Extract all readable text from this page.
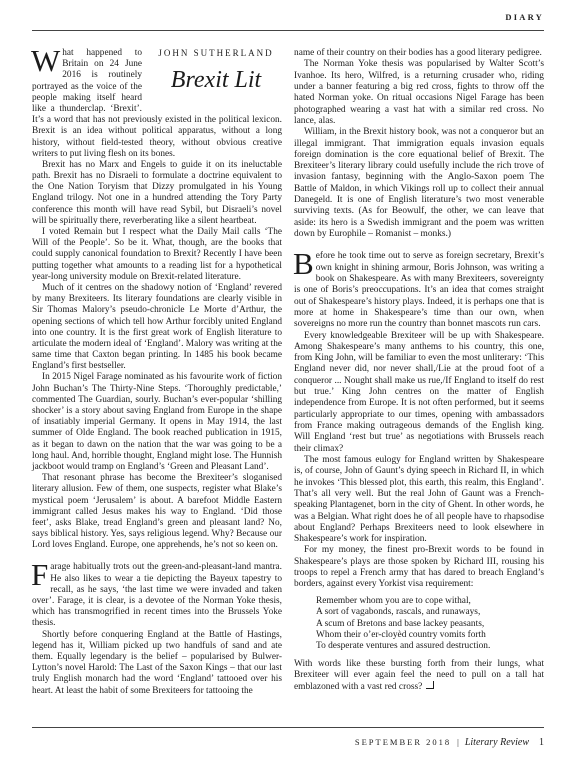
DIARY

JOHN SUTHERLAND
Brexit Lit
W hat happened to Britain on 24 June 2016 is routinely portrayed as the voice of the people making itself heard like a thunderclap. ‘Brexit’. It’s a word that has not previously existed in the political lexicon. Brexit is an idea without political apparatus, without a long history, without field-tested theory, without obvious creative writers to put living flesh on its bones.

Brexit has no Marx and Engels to guide it on its ineluctable path. Brexit has no Disraeli to formulate a doctrine equivalent to the One Nation Toryism that Dizzy promulgated in his Young England trilogy. Not one in a hundred attending the Tory Party conference this month will have read Sybil, but Disraeli’s novel will be spiritually there, reverberating like a silent heartbeat.

I voted Remain but I respect what the Daily Mail calls ‘The Will of the People’. So be it. What, though, are the books that could supply canonical foundation to Brexit? Recently I have been putting together what amounts to a reading list for a hypothetical year-long university module on Brexit-related literature.

Much of it centres on the shadowy notion of ‘England’ revered by many Brexiteers. Its literary foundations are clearly visible in Sir Thomas Malory’s pseudo-chronicle Le Morte d’Arthur, the opening sections of which tell how Arthur forcibly united England into one country. It is the first great work of English literature to articulate the modern ideal of ‘England’. Malory was writing at the same time that Caxton began printing. In 1485 his book became England’s first bestseller.

In 2015 Nigel Farage nominated as his favourite work of fiction John Buchan’s The Thirty-Nine Steps. ‘Thoroughly predictable,’ commented The Guardian, sourly. Buchan’s ever-popular ‘shilling shocker’ is a story about saving England from Europe in the shape of insatiably imperial Germany. It opens in May 1914, the last summer of Olde England. The book reached publication in 1915, as it began to dawn on the nation that the war was going to be a long haul. And, horrible thought, England might lose. The Hunnish jackboot would tramp on England’s ‘Green and Pleasant Land’.

That resonant phrase has become the Brexiteer’s sloganised literary allusion. Few of them, one suspects, register what Blake’s mystical poem ‘Jerusalem’ is about. A barefoot Middle Eastern immigrant called Jesus makes his way to England. ‘Did those feet’, asks Blake, tread England’s green and pleasant land? No, says biblical history. Yes, says religious legend. Why? Because our Lord loves England. Europe, one apprehends, he’s not so keen on.

Farage habitually trots out the green-and-pleasant-land mantra. He also likes to wear a tie depicting the Bayeux tapestry to recall, as he says, ‘the last time we were invaded and taken over’. Farage, it is clear, is a devotee of the Norman Yoke thesis, which has transmogrified in recent times into the Brussels Yoke thesis.

Shortly before conquering England at the Battle of Hastings, legend has it, William picked up two handfuls of sand and ate them. Equally legendary is the belief – popularised by Bulwer-Lytton’s novel Harold: The Last of the Saxon Kings – that our last truly English monarch had the word ‘England’ tattooed over his heart. At least the habit of some Brexiteers for tattooing the

name of their country on their bodies has a good literary pedigree.

The Norman Yoke thesis was popularised by Walter Scott’s Ivanhoe. Its hero, Wilfred, is a returning crusader who, riding under a banner featuring a big red cross, fights to throw off the hated Norman yoke. On ritual occasions Nigel Farage has been photographed wearing a vast hat with a similar red cross. No lance, alas.

William, in the Brexit history book, was not a conqueror but an illegal immigrant. That immigration equals invasion equals foreign domination is the core equational belief of Brexit. The Brexiteer’s literary library could usefully include the rich trove of invasion fantasy, beginning with the Anglo-Saxon poem The Battle of Maldon, in which Vikings roll up to collect their annual Danegeld. It is one of English literature’s two most venerable surviving texts. (As for Beowulf, the other, we can leave that aside: its hero is a Swedish immigrant and the poem was written down by Europhile – Romanist – monks.)

Before he took time out to serve as foreign secretary, Brexit’s own knight in shining armour, Boris Johnson, was writing a book on Shakespeare. As with many Brexiteers, sovereignty is one of Boris’s preoccupations. It’s an idea that comes straight out of Shakespeare’s history plays. Indeed, it is perhaps one that is more at home in Shakespeare’s time than our own, when sovereigns no more run the country than bonnet mascots run cars.

Every knowledgeable Brexiteer will be up with Shakespeare. Among Shakespeare’s many anthems to his country, this one, from King John, will be familiar to even the most unliterary: ‘This England never did, nor never shall,/Lie at the proud foot of a conqueror ... Nought shall make us rue,/If England to itself do rest but true.’ King John centres on the matter of English independence from Europe. It is not often performed, but it seems particularly appropriate to our times, opening with ambassadors from France making outrageous demands of the English king. Will England ‘rest but true’ as negotiations with Brussels reach their climax?

The most famous eulogy for England written by Shakespeare is, of course, John of Gaunt’s dying speech in Richard II, in which he invokes ‘This blessed plot, this earth, this realm, this England’. That’s all very well. But the real John of Gaunt was a French-speaking Plantagenet, born in the city of Ghent. In other words, he was a Belgian. What right does he of all people have to rhapsodise about England? Perhaps Brexiteers need to look elsewhere in Shakespeare’s work for inspiration.

For my money, the finest pro-Brexit words to be found in Shakespeare’s plays are those spoken by Richard III, rousing his troops to repel a French army that has dared to breach England’s borders, against every Yorkist visa requirement:

Remember whom you are to cope withal,
A sort of vagabonds, rascals, and runaways,
A scum of Bretons and base lackey peasants,
Whom their o’er-cloyèd country vomits forth
To desperate ventures and assured destruction.

With words like these bursting forth from their lungs, what Brexiteer will ever again feel the need to pull on a tall hat emblazoned with a vast red cross?

SEPTEMBER 2018 | Literary Review 1
